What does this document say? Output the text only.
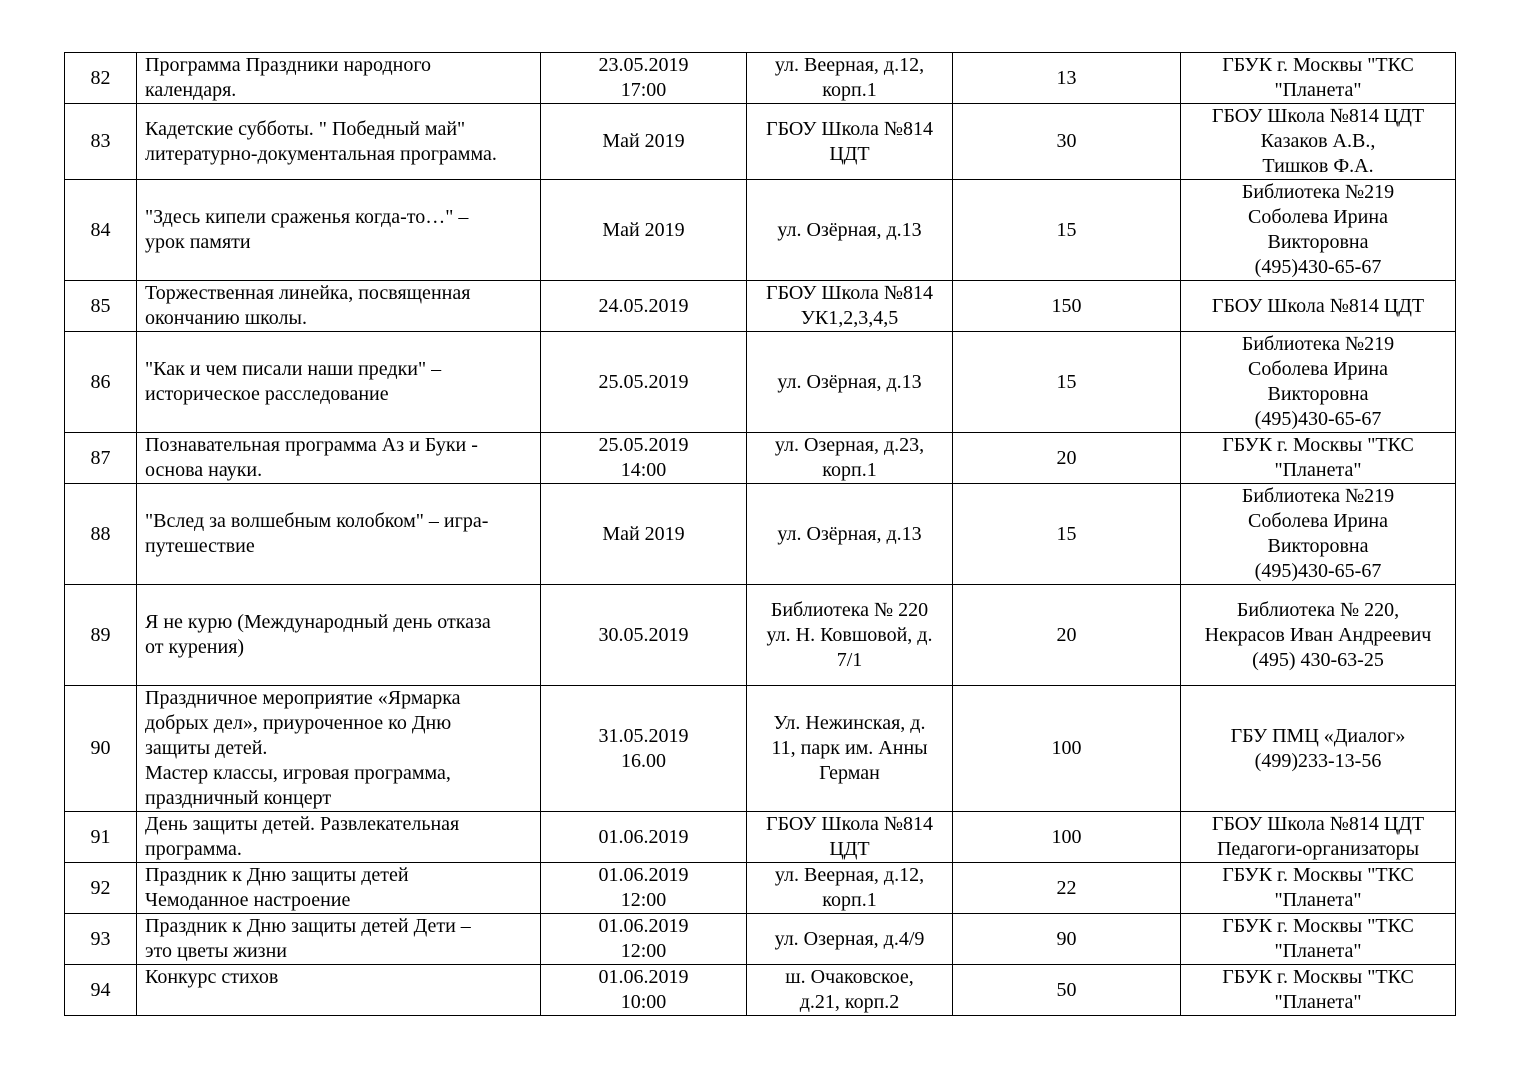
82	Программа Праздники народного
календаря.	23.05.2019
17:00	ул. Веерная, д.12,
корп.1	13	ГБУК г. Москвы "ТКС
"Планета"
83	Кадетские субботы. " Победный май"
литературно-документальная программа.	Май 2019	ГБОУ Школа №814
ЦДТ	30	ГБОУ Школа №814 ЦДТ
Казаков А.В.,
Тишков Ф.А.
84	"Здесь кипели сраженья когда-то…" –
урок памяти	Май 2019	ул. Озёрная, д.13	15	Библиотека №219
Соболева Ирина
Викторовна
(495)430-65-67
85	Торжественная линейка, посвященная
окончанию школы.	24.05.2019	ГБОУ Школа №814
УК1,2,3,4,5	150	ГБОУ Школа №814 ЦДТ
86	"Как и чем писали наши предки" –
историческое расследование	25.05.2019	ул. Озёрная, д.13	15	Библиотека №219
Соболева Ирина
Викторовна
(495)430-65-67
87	Познавательная программа Аз и Буки -
основа науки.	25.05.2019
14:00	ул. Озерная, д.23,
корп.1	20	ГБУК г. Москвы "ТКС
"Планета"
88	"Вслед за волшебным колобком" – игра-
путешествие	Май 2019	ул. Озёрная, д.13	15	Библиотека №219
Соболева Ирина
Викторовна
(495)430-65-67
89	Я не курю (Международный день отказа
от курения)	30.05.2019	Библиотека № 220
ул. Н. Ковшовой, д.
7/1	20	Библиотека № 220,
Некрасов Иван Андреевич
(495) 430-63-25
90	Праздничное мероприятие «Ярмарка
добрых дел», приуроченное ко Дню
защиты детей.
Мастер классы, игровая программа,
праздничный концерт	31.05.2019
16.00	Ул. Нежинская, д.
11, парк им. Анны
Герман	100	ГБУ ПМЦ «Диалог»
(499)233-13-56
91	День защиты детей. Развлекательная
программа.	01.06.2019	ГБОУ Школа №814
ЦДТ	100	ГБОУ Школа №814 ЦДТ
Педагоги-организаторы
92	Праздник к Дню защиты детей
Чемоданное настроение	01.06.2019
12:00	ул. Веерная, д.12,
корп.1	22	ГБУК г. Москвы "ТКС
"Планета"
93	Праздник к Дню защиты детей Дети –
это цветы жизни	01.06.2019
12:00	ул. Озерная, д.4/9	90	ГБУК г. Москвы "ТКС
"Планета"
94	Конкурс стихов	01.06.2019
10:00	ш. Очаковское,
д.21, корп.2	50	ГБУК г. Москвы "ТКС
"Планета"
